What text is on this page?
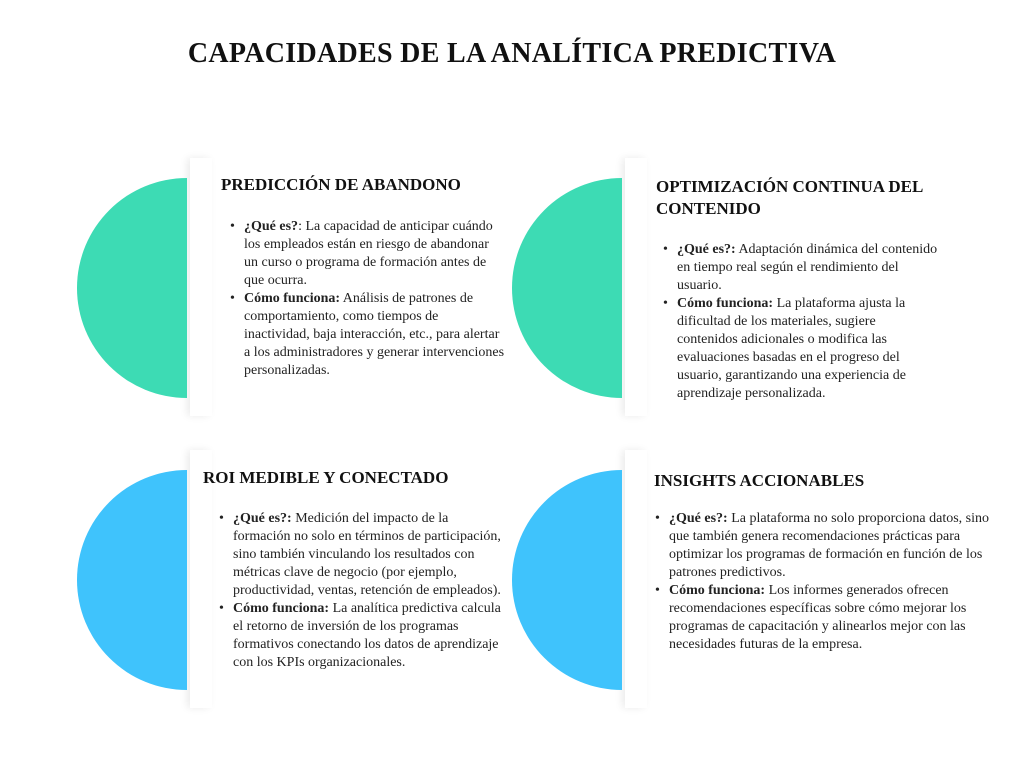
CAPACIDADES DE LA ANALÍTICA PREDICTIVA
PREDICCIÓN DE ABANDONO
• ¿Qué es?: La capacidad de anticipar cuándo los empleados están en riesgo de abandonar un curso o programa de formación antes de que ocurra.
• Cómo funciona: Análisis de patrones de comportamiento, como tiempos de inactividad, baja interacción, etc., para alertar a los administradores y generar intervenciones personalizadas.
OPTIMIZACIÓN CONTINUA DEL CONTENIDO
• ¿Qué es?: Adaptación dinámica del contenido en tiempo real según el rendimiento del usuario.
• Cómo funciona: La plataforma ajusta la dificultad de los materiales, sugiere contenidos adicionales o modifica las evaluaciones basadas en el progreso del usuario, garantizando una experiencia de aprendizaje personalizada.
ROI MEDIBLE Y CONECTADO
• ¿Qué es?: Medición del impacto de la formación no solo en términos de participación, sino también vinculando los resultados con métricas clave de negocio (por ejemplo, productividad, ventas, retención de empleados).
• Cómo funciona: La analítica predictiva calcula el retorno de inversión de los programas formativos conectando los datos de aprendizaje con los KPIs organizacionales.
INSIGHTS ACCIONABLES
• ¿Qué es?: La plataforma no solo proporciona datos, sino que también genera recomendaciones prácticas para optimizar los programas de formación en función de los patrones predictivos.
• Cómo funciona: Los informes generados ofrecen recomendaciones específicas sobre cómo mejorar los programas de capacitación y alinearlos mejor con las necesidades futuras de la empresa.
